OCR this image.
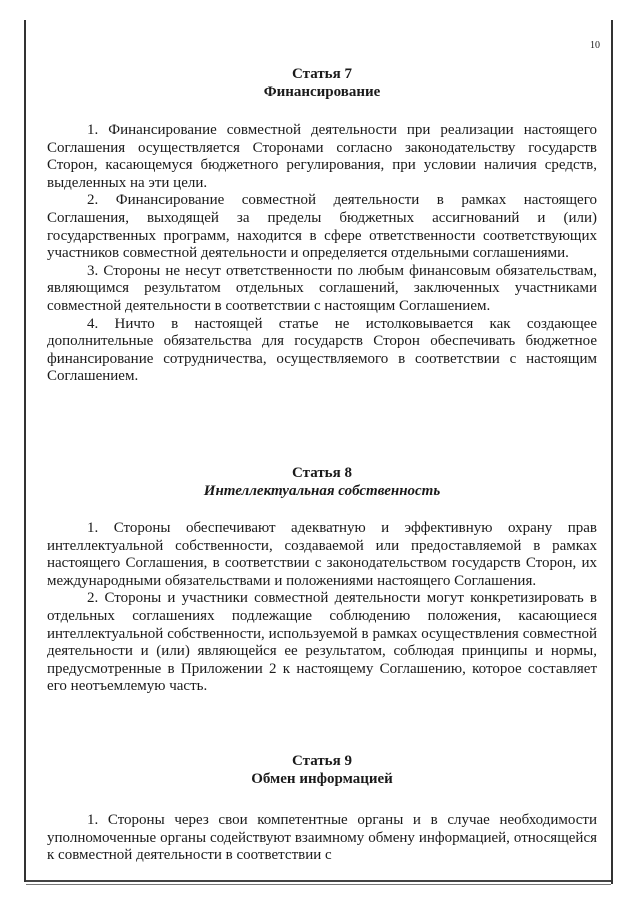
10
Статья 7
Финансирование

1. Финансирование совместной деятельности при реализации настоящего Соглашения осуществляется Сторонами согласно законодательству государств Сторон, касающемуся бюджетного регулирования, при условии наличия средств, выделенных на эти цели.

2. Финансирование совместной деятельности в рамках настоящего Соглашения, выходящей за пределы бюджетных ассигнований и (или) государственных программ, находится в сфере ответственности соответствующих участников совместной деятельности и определяется отдельными соглашениями.

3. Стороны не несут ответственности по любым финансовым обязательствам, являющимся результатом отдельных соглашений, заключенных участниками совместной деятельности в соответствии с настоящим Соглашением.

4. Ничто в настоящей статье не истолковывается как создающее дополнительные обязательства для государств Сторон обеспечивать бюджетное финансирование сотрудничества, осуществляемого в соответствии с настоящим Соглашением.

Статья 8
Интеллектуальная собственность

1. Стороны обеспечивают адекватную и эффективную охрану прав интеллектуальной собственности, создаваемой или предоставляемой в рамках настоящего Соглашения, в соответствии с законодательством государств Сторон, их международными обязательствами и положениями настоящего Соглашения.

2. Стороны и участники совместной деятельности могут конкретизировать в отдельных соглашениях подлежащие соблюдению положения, касающиеся интеллектуальной собственности, используемой в рамках осуществления совместной деятельности и (или) являющейся ее результатом, соблюдая принципы и нормы, предусмотренные в Приложении 2 к настоящему Соглашению, которое составляет его неотъемлемую часть.

Статья 9
Обмен информацией

1. Стороны через свои компетентные органы и в случае необходимости уполномоченные органы содействуют взаимному обмену информацией, относящейся к совместной деятельности в соответствии с
